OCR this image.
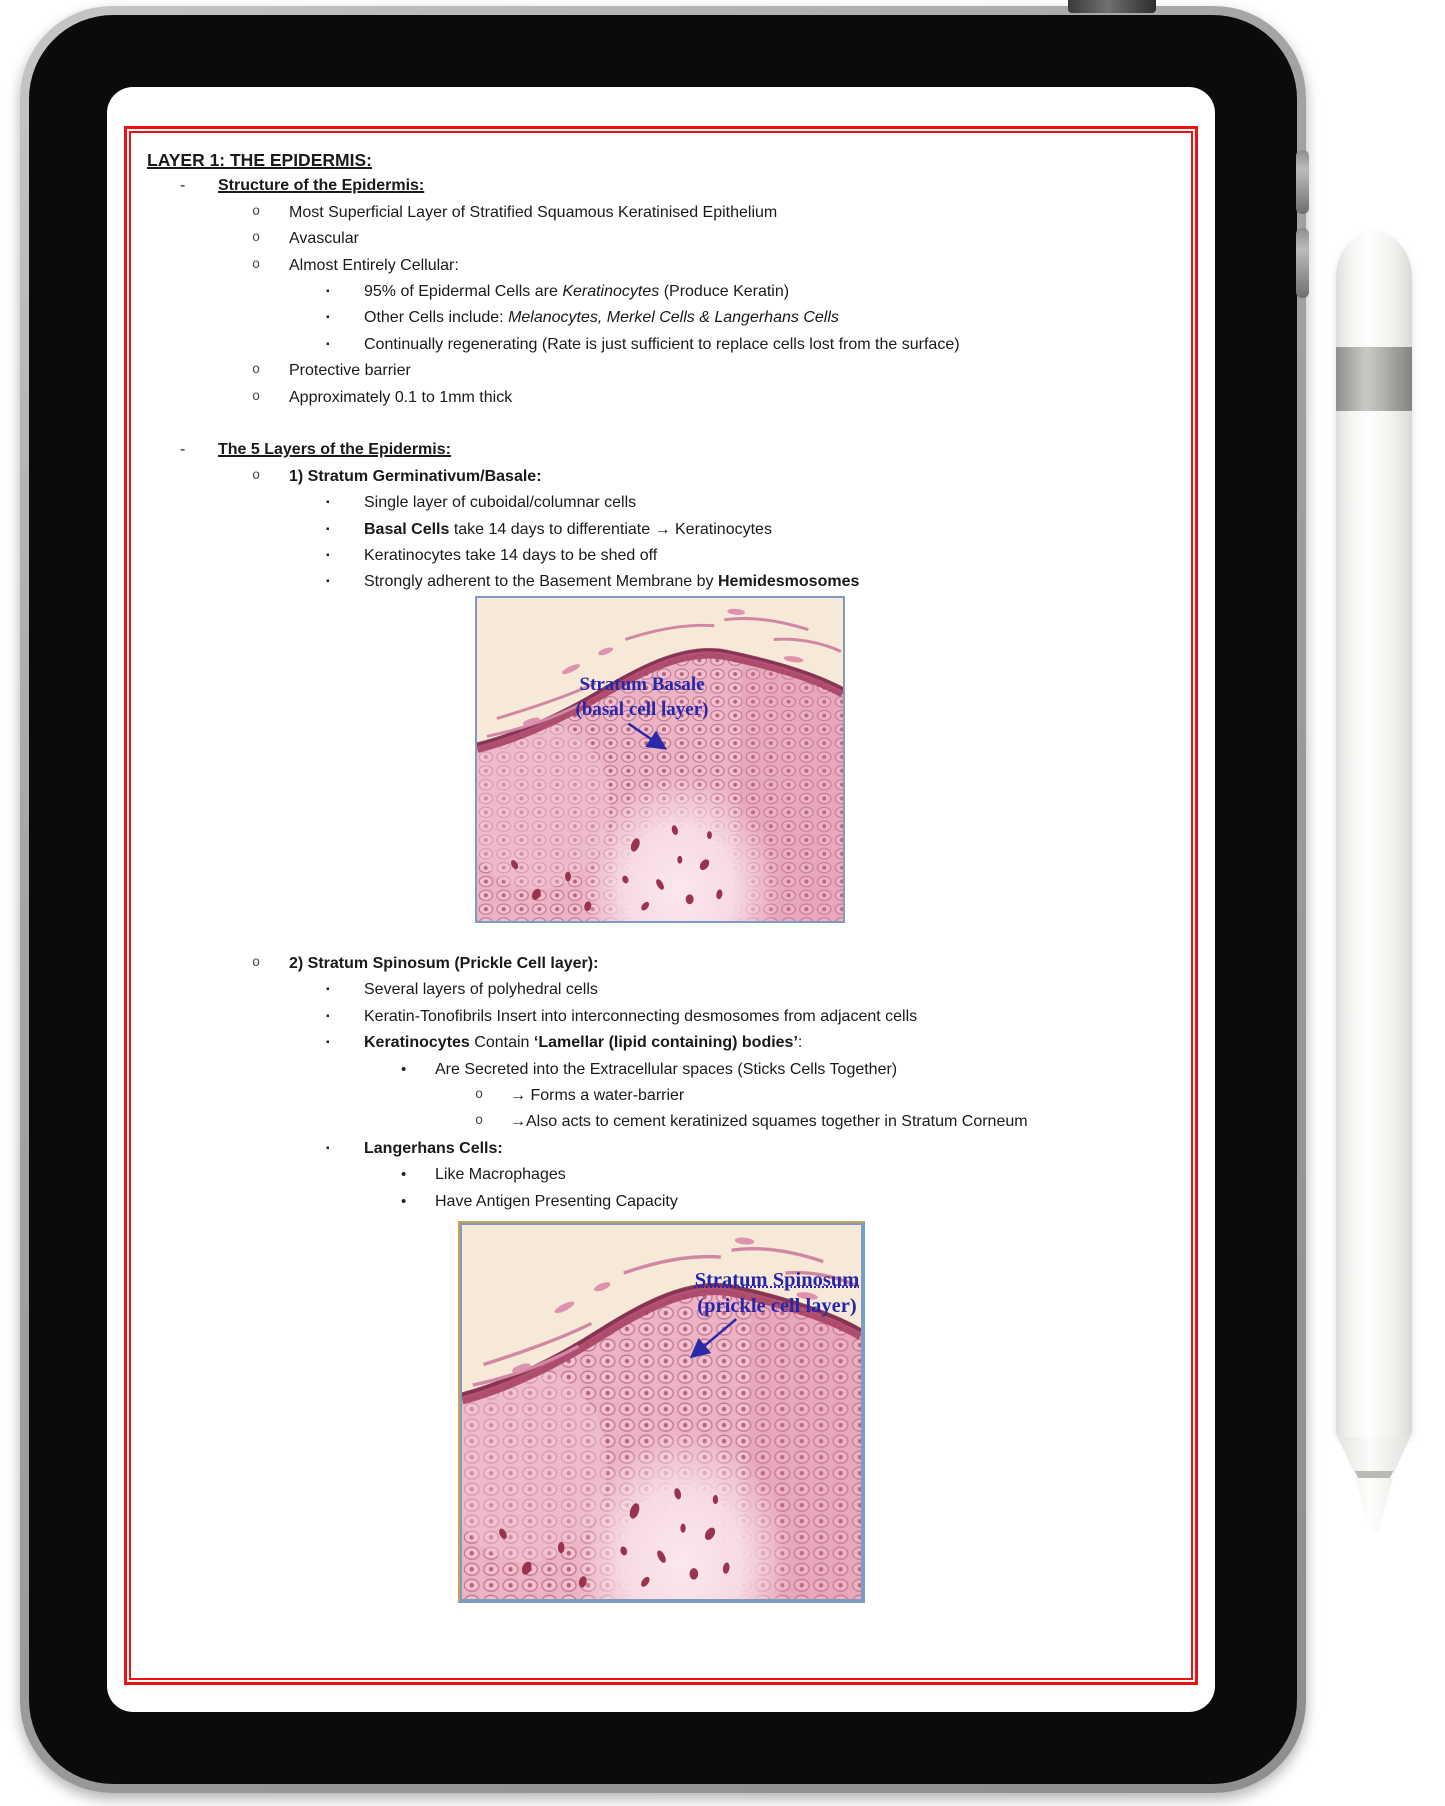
LAYER 1: THE EPIDERMIS:
-	Structure of the Epidermis:
o	Most Superficial Layer of Stratified Squamous Keratinised Epithelium
o	Avascular
o	Almost Entirely Cellular:
▪	95% of Epidermal Cells are Keratinocytes (Produce Keratin)
▪	Other Cells include: Melanocytes, Merkel Cells & Langerhans Cells
▪	Continually regenerating (Rate is just sufficient to replace cells lost from the surface)
o	Protective barrier
o	Approximately 0.1 to 1mm thick
-	The 5 Layers of the Epidermis:
o	1) Stratum Germinativum/Basale:
▪	Single layer of cuboidal/columnar cells
▪	Basal Cells take 14 days to differentiate → Keratinocytes
▪	Keratinocytes take 14 days to be shed off
▪	Strongly adherent to the Basement Membrane by Hemidesmosomes
Stratum Basale
(basal cell layer)
o	2) Stratum Spinosum (Prickle Cell layer):
▪	Several layers of polyhedral cells
▪	Keratin-Tonofibrils Insert into interconnecting desmosomes from adjacent cells
▪	Keratinocytes Contain ‘Lamellar (lipid containing) bodies’:
•	Are Secreted into the Extracellular spaces (Sticks Cells Together)
o	→ Forms a water-barrier
o	→Also acts to cement keratinized squames together in Stratum Corneum
▪	Langerhans Cells:
•	Like Macrophages
•	Have Antigen Presenting Capacity
Stratum Spinosum
(prickle cell layer)
